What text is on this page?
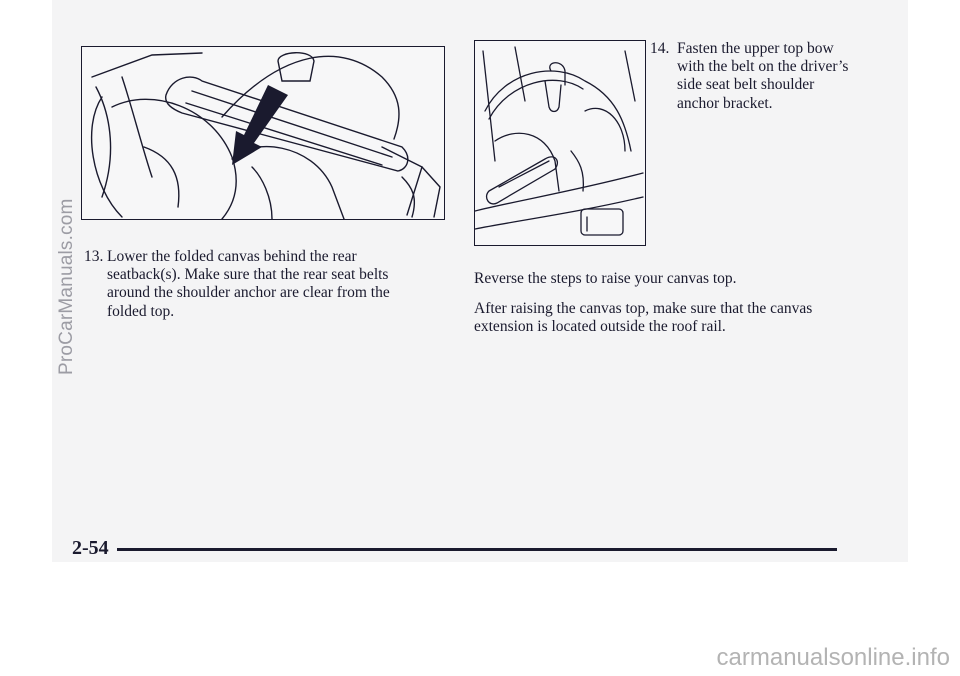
13. Lower the folded canvas behind the rear seatback(s). Make sure that the rear seat belts around the shoulder anchor are clear from the folded top.
14. Fasten the upper top bow with the belt on the driver’s side seat belt shoulder anchor bracket.

Reverse the steps to raise your canvas top.

After raising the canvas top, make sure that the canvas extension is located outside the roof rail.

2-54
ProCarManuals.com
carmanualsonline.info
